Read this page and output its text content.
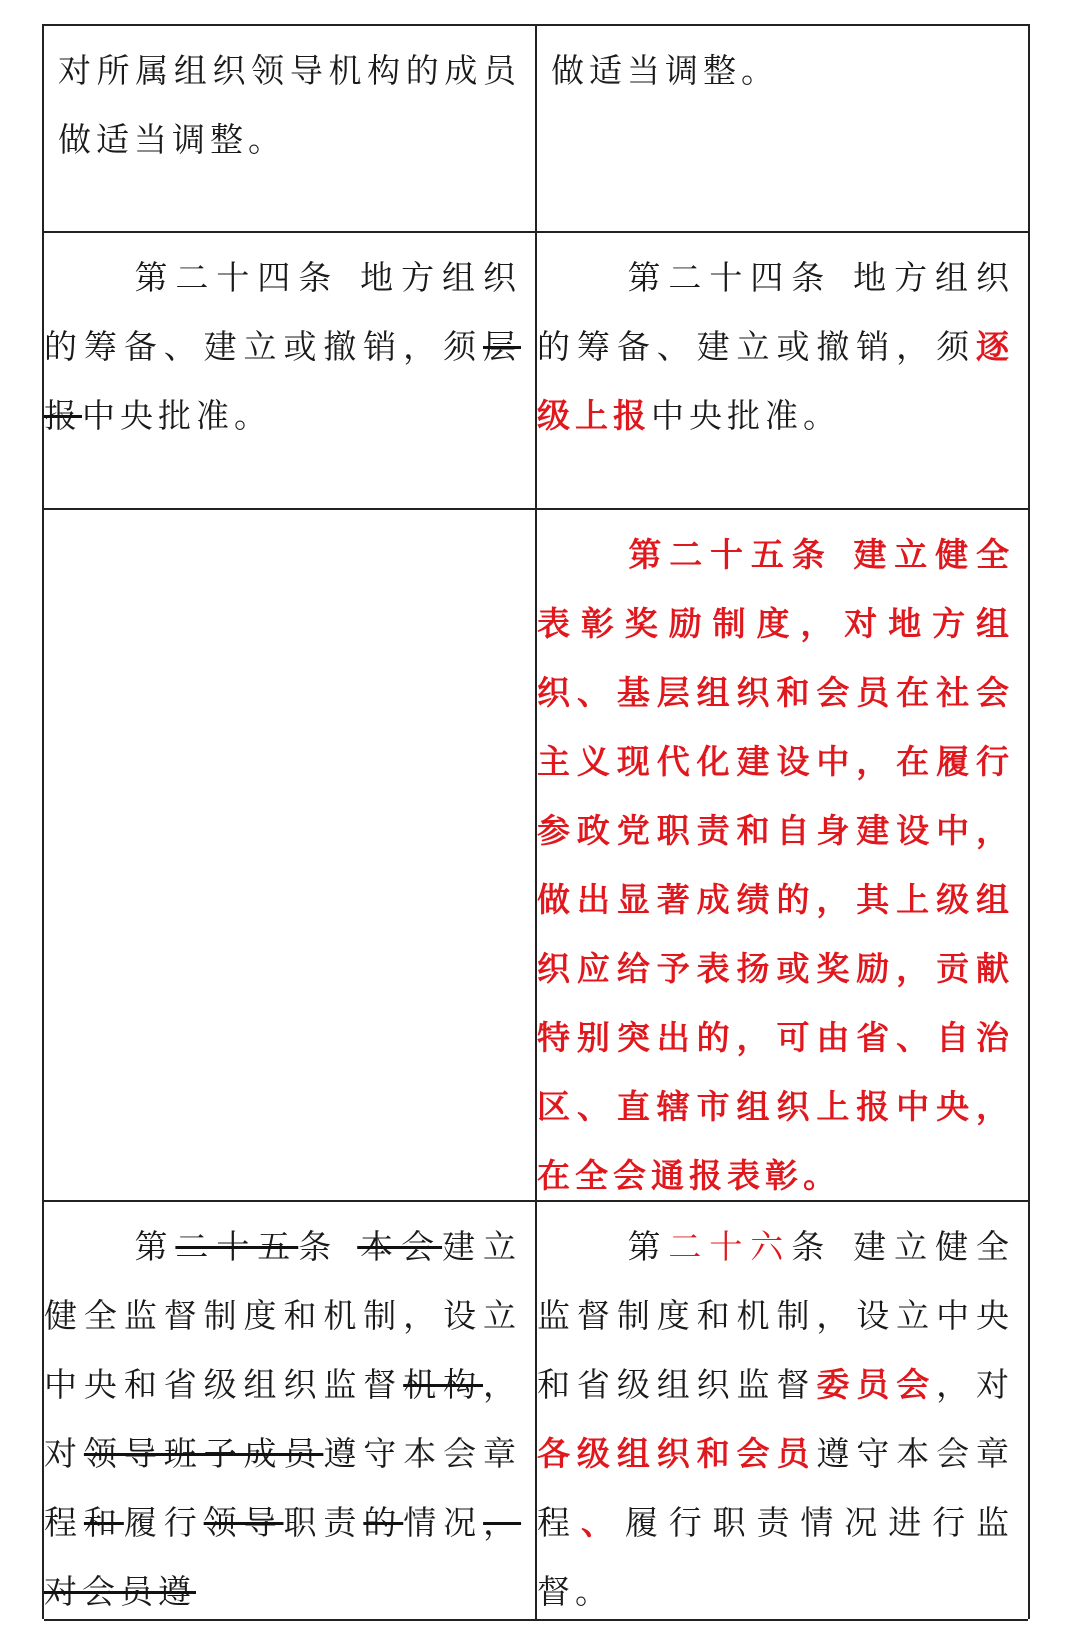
对所属组织领导机构的成员做适当调整。
做适当调整。
第二十四条 地方组织的筹备、建立或撤销，须层报中央批准。
第二十四条 地方组织的筹备、建立或撤销，须逐级上报中央批准。
第二十五条 建立健全表彰奖励制度，对地方组织、基层组织和会员在社会主义现代化建设中，在履行参政党职责和自身建设中，做出显著成绩的，其上级组织应给予表扬或奖励，贡献特别突出的，可由省、自治区、直辖市组织上报中央，在全会通报表彰。
第二十五条 本会建立健全监督制度和机制，设立中央和省级组织监督机构，对领导班子成员遵守本会章程和履行领导职责的情况，对会员遵
第二十六条 建立健全监督制度和机制，设立中央和省级组织监督委员会，对各级组织和会员遵守本会章程、履行职责情况进行监督。
